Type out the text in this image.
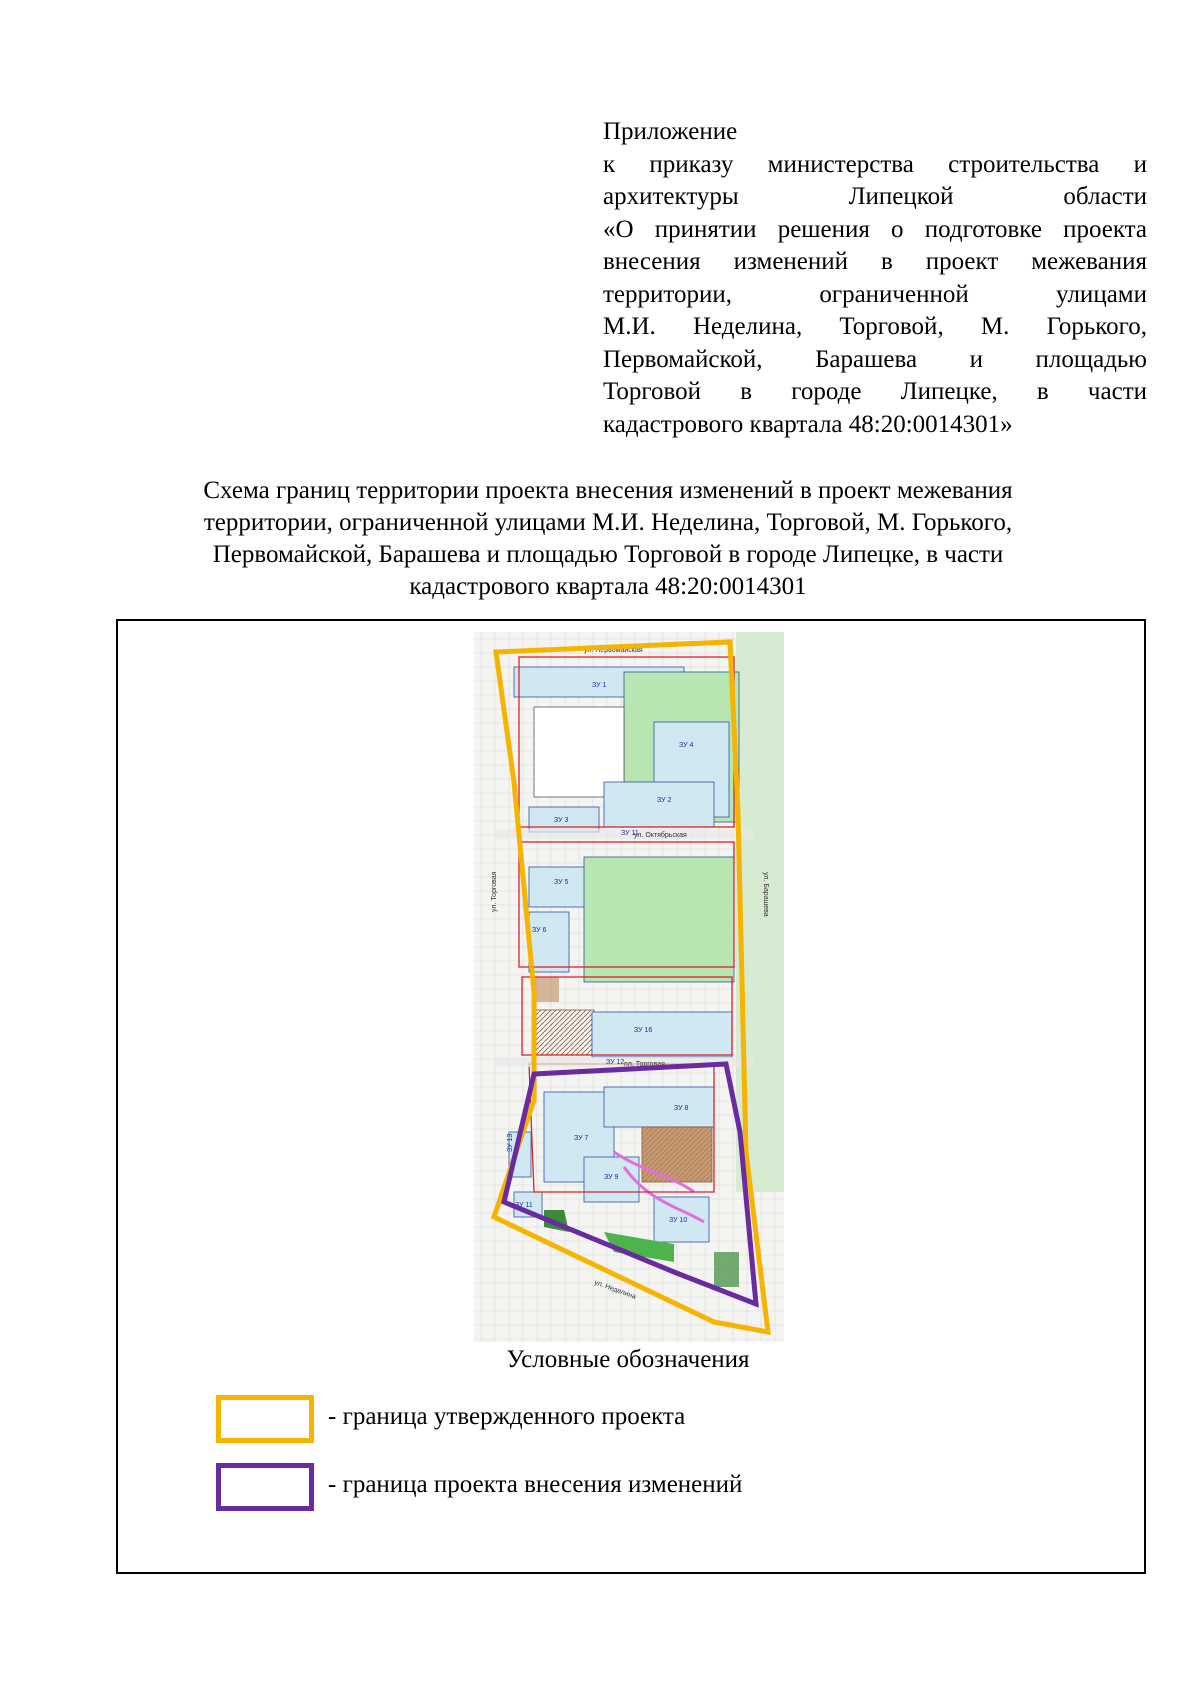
Приложение
к приказу министерства строительства и
архитектуры Липецкой области
«О принятии решения о подготовке проекта
внесения изменений в проект межевания
территории, ограниченной улицами
М.И. Неделина, Торговой, М. Горького,
Первомайской, Барашева и площадью
Торговой в городе Липецке, в части
кадастрового квартала 48:20:0014301»
Схема границ территории проекта внесения изменений в проект межевания
территории, ограниченной улицами М.И. Неделина, Торговой, М. Горького,
Первомайской, Барашева и площадью Торговой в городе Липецке, в части
кадастрового квартала 48:20:0014301
ул. Первомайская
ул. Октябрьская
пл. Торговая
ул. Неделина
ул. Барашева
ул. Торговая
ЗУ 1
ЗУ 4
ЗУ 2
ЗУ 3
ЗУ 11
ЗУ 5
ЗУ 6
ЗУ 16
ЗУ 12
ЗУ 8
ЗУ 7
ЗУ 9
ЗУ 10
ЗУ 13
ЗУ 11
Условные обозначения
- граница утвержденного проекта
- граница проекта внесения изменений
